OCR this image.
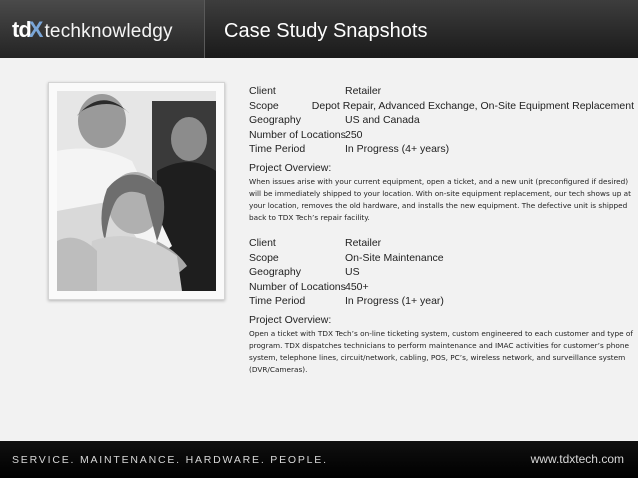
td
X techknowledgy	Case Study Snapshots
Client	Retailer
Scope	Depot Repair, Advanced Exchange, On-Site Equipment Replacement
Geography	US and Canada
Number of Locations 250
Time Period	In Progress (4+ years)
Project Overview:
When issues arise with your current equipment, open a ticket, and a new unit (preconfigured if desired) will be immediately shipped to your location. With on-site equipment replacement, our tech shows up at your location, removes the old hardware, and installs the new equipment. The defective unit is shipped back to TDX Tech’s repair facility.
Client	Retailer
Scope	On-Site Maintenance
Geography	US
Number of Locations 450+
Time Period	In Progress (1+ year)
Project Overview:
Open a ticket with TDX Tech’s on-line ticketing system, custom engineered to each customer and type of program. TDX dispatches technicians to perform maintenance and IMAC activities for customer’s phone system, telephone lines, circuit/network, cabling, POS, PC’s, wireless network, and surveillance system (DVR/Cameras).
SERVICE. MAINTENANCE. HARDWARE. PEOPLE.	www.tdxtech.com
